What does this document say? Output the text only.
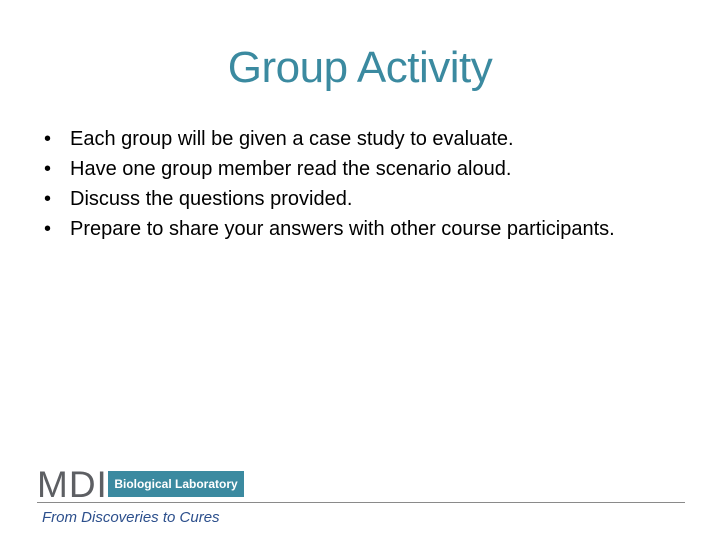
Group Activity
• Each group will be given a case study to evaluate.
• Have one group member read the scenario aloud.
• Discuss the questions provided.
• Prepare to share your answers with other course participants.
MDI Biological Laboratory
From Discoveries to Cures
